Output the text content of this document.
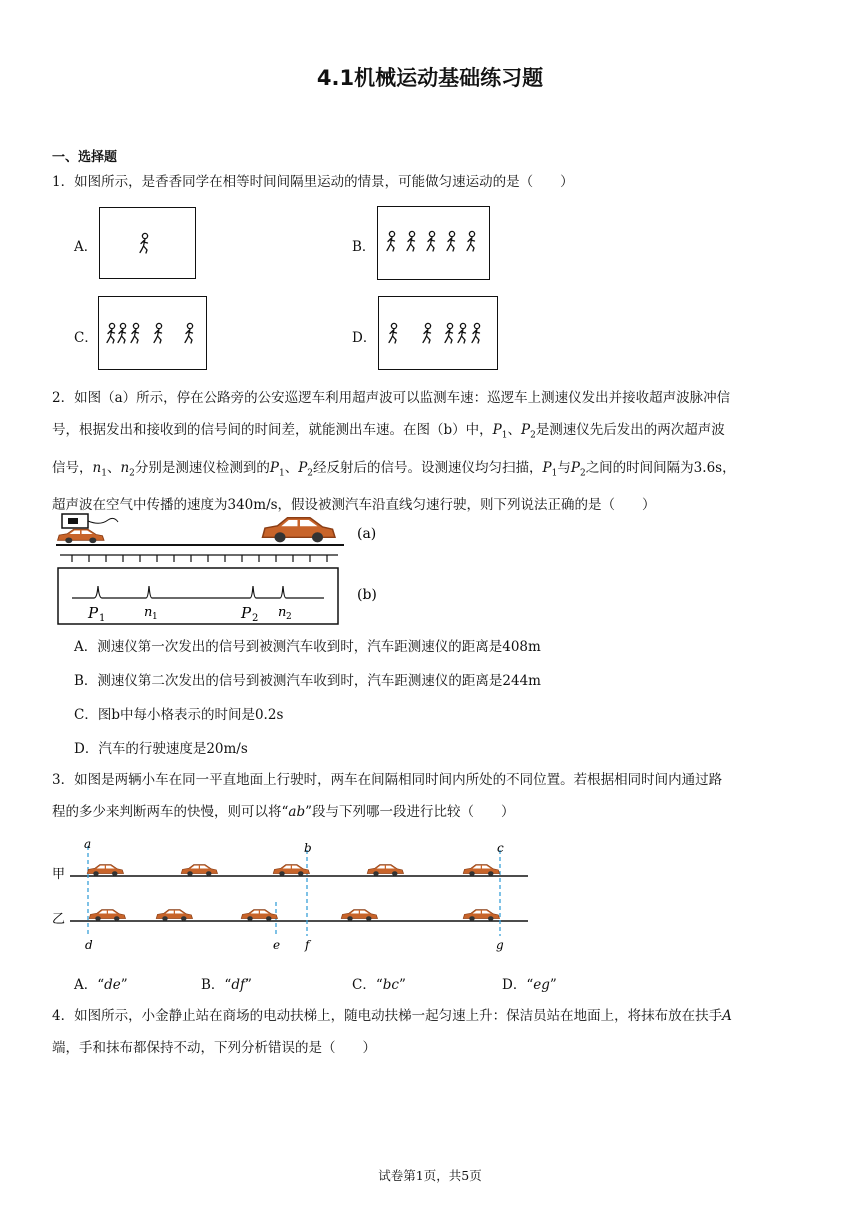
4.1机械运动基础练习题
一、选择题
1．如图所示，是香香同学在相等时间间隔里运动的情景，可能做匀速运动的是（　　）
A．	B．
C．	D．
2．如图（a）所示，停在公路旁的公安巡逻车利用超声波可以监测车速：巡逻车上测速仪发出并接收超声波脉冲信
号，根据发出和接收到的信号间的时间差，就能测出车速。在图（b）中，$P_1$、$P_2$是测速仪先后发出的两次超声波
信号，$n_1$、$n_2$分别是测速仪检测到的$P_1$、$P_2$经反射后的信号。设测速仪均匀扫描，$P_1$与$P_2$之间的时间间隔为3.6s，
超声波在空气中传播的速度为340m/s，假设被测汽车沿直线匀速行驶，则下列说法正确的是（　　）
(a)
P 1	n 1	P 2 n 2
(b)
A．测速仪第一次发出的信号到被测汽车收到时，汽车距测速仪的距离是408m
B．测速仪第二次发出的信号到被测汽车收到时，汽车距测速仪的距离是244m
C．图b中每小格表示的时间是0.2s
D．汽车的行驶速度是20m/s
3．如图是两辆小车在同一平直地面上行驶时，两车在间隔相同时间内所处的不同位置。若根据相同时间内通过路
程的多少来判断两车的快慢，则可以将“ab”段与下列哪一段进行比较（　　）
甲
乙
a	b	c
d	e f	g
A．“de”	B．“df”	C．“bc”	D．“eg”
4．如图所示，小金静止站在商场的电动扶梯上，随电动扶梯一起匀速上升：保洁员站在地面上，将抹布放在扶手A
端，手和抹布都保持不动，下列分析错误的是（　　）
试卷第1页，共5页
